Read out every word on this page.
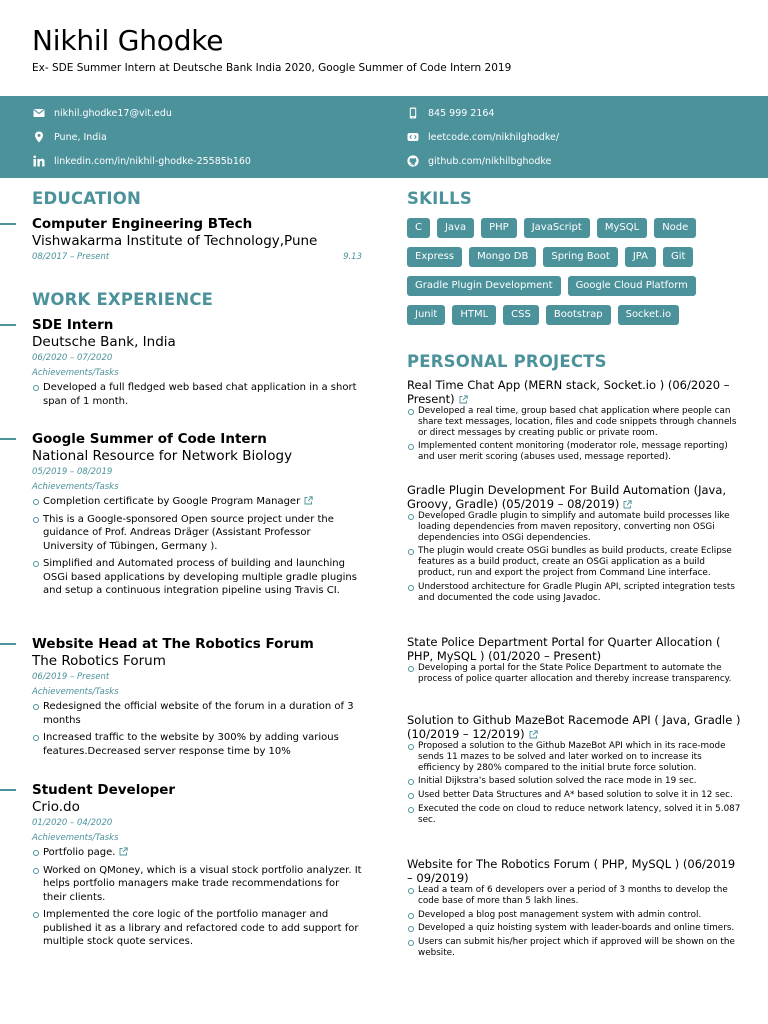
Nikhil Ghodke
Ex- SDE Summer Intern at Deutsche Bank India 2020, Google Summer of Code Intern 2019
nikhil.ghodke17@vit.edu
Pune, India
linkedin.com/in/nikhil-ghodke-25585b160
845 999 2164
leetcode.com/nikhilghodke/
github.com/nikhilbghodke
EDUCATION
Computer Engineering BTech
Vishwakarma Institute of Technology,Pune
08/2017 – Present	9.13
WORK EXPERIENCE
SDE Intern
Deutsche Bank, India
06/2020 – 07/2020
Achievements/Tasks
Developed a full fledged web based chat application in a short span of 1 month.
Google Summer of Code Intern
National Resource for Network Biology
05/2019 – 08/2019
Achievements/Tasks
Completion certificate by Google Program Manager
This is a Google-sponsored Open source project under the guidance of Prof. Andreas Dräger (Assistant Professor University of Tübingen, Germany ).
Simplified and Automated process of building and launching OSGi based applications by developing multiple gradle plugins and setup a continuous integration pipeline using Travis CI.
Website Head at The Robotics Forum
The Robotics Forum
06/2019 – Present
Achievements/Tasks
Redesigned the official website of the forum in a duration of 3 months
Increased traffic to the website by 300% by adding various features.Decreased server response time by 10%
Student Developer
Crio.do
01/2020 – 04/2020
Achievements/Tasks
Portfolio page.
Worked on QMoney, which is a visual stock portfolio analyzer. It helps portfolio managers make trade recommendations for their clients.
Implemented the core logic of the portfolio manager and published it as a library and refactored code to add support for multiple stock quote services.
SKILLS
C	Java	PHP	JavaScript	MySQL	Node
Express	Mongo DB	Spring Boot	JPA	Git
Gradle Plugin Development	Google Cloud Platform
Junit	HTML	CSS	Bootstrap	Socket.io
PERSONAL PROJECTS
Real Time Chat App (MERN stack, Socket.io ) (06/2020 – Present)
Developed a real time, group based chat application where people can share text messages, location, files and code snippets through channels or direct messages by creating public or private room.
Implemented content monitoring (moderator role, message reporting) and user merit scoring (abuses used, message reported).
Gradle Plugin Development For Build Automation (Java, Groovy, Gradle) (05/2019 – 08/2019)
Developed Gradle plugin to simplify and automate build processes like loading dependencies from maven repository, converting non OSGi dependencies into OSGi dependencies.
The plugin would create OSGi bundles as build products, create Eclipse features as a build product, create an OSGi application as a build product, run and export the project from Command Line interface.
Understood architecture for Gradle Plugin API, scripted integration tests and documented the code using Javadoc.
State Police Department Portal for Quarter Allocation ( PHP, MySQL ) (01/2020 – Present)
Developing a portal for the State Police Department to automate the process of police quarter allocation and thereby increase transparency.
Solution to Github MazeBot Racemode API ( Java, Gradle ) (10/2019 – 12/2019)
Proposed a solution to the Github MazeBot API which in its race-mode sends 11 mazes to be solved and later worked on to increase its efficiency by 280% compared to the initial brute force solution.
Initial Dijkstra's based solution solved the race mode in 19 sec.
Used better Data Structures and A* based solution to solve it in 12 sec.
Executed the code on cloud to reduce network latency, solved it in 5.087 sec.
Website for The Robotics Forum ( PHP, MySQL ) (06/2019 – 09/2019)
Lead a team of 6 developers over a period of 3 months to develop the code base of more than 5 lakh lines.
Developed a blog post management system with admin control.
Developed a quiz hoisting system with leader-boards and online timers.
Users can submit his/her project which if approved will be shown on the website.
